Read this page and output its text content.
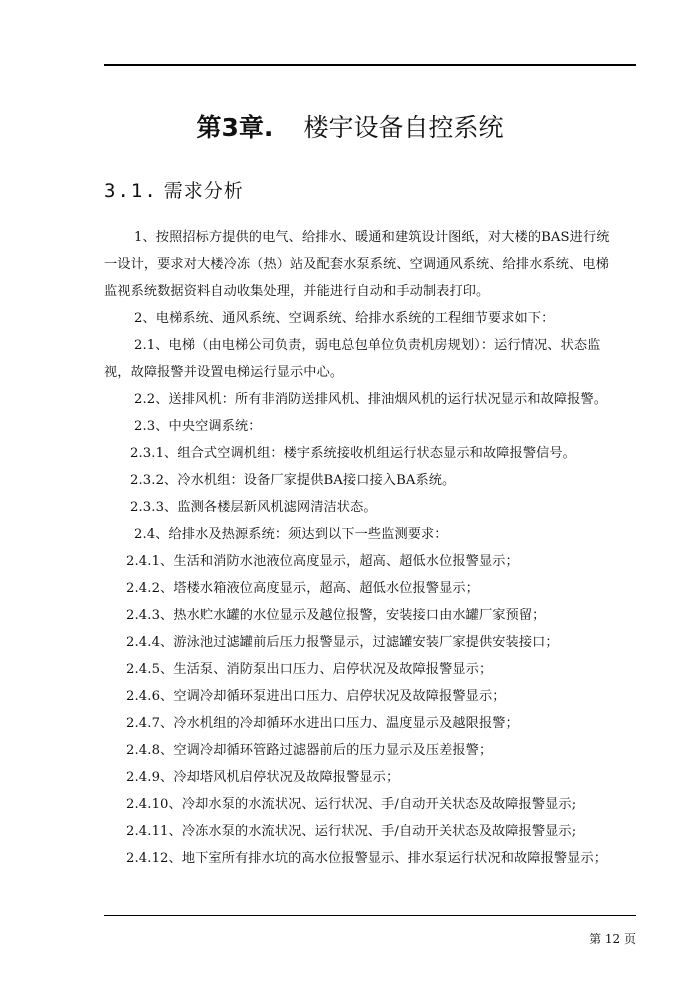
第3章. 楼宇设备自控系统
3.1. 需求分析
1、按照招标方提供的电气、给排水、暖通和建筑设计图纸，对大楼的BAS进行统
一设计，要求对大楼冷冻（热）站及配套水泵系统、空调通风系统、给排水系统、电梯
监视系统数据资料自动收集处理，并能进行自动和手动制表打印。
2、电梯系统、通风系统、空调系统、给排水系统的工程细节要求如下：
2.1、电梯（由电梯公司负责，弱电总包单位负责机房规划）：运行情况、状态监
视，故障报警并设置电梯运行显示中心。
2.2、送排风机：所有非消防送排风机、排油烟风机的运行状况显示和故障报警。
2.3、中央空调系统：
2.3.1、组合式空调机组：楼宇系统接收机组运行状态显示和故障报警信号。
2.3.2、冷水机组：设备厂家提供BA接口接入BA系统。
2.3.3、监测各楼层新风机滤网清洁状态。
2.4、给排水及热源系统：须达到以下一些监测要求：
2.4.1、生活和消防水池液位高度显示，超高、超低水位报警显示；
2.4.2、塔楼水箱液位高度显示，超高、超低水位报警显示；
2.4.3、热水贮水罐的水位显示及越位报警，安装接口由水罐厂家预留；
2.4.4、游泳池过滤罐前后压力报警显示，过滤罐安装厂家提供安装接口；
2.4.5、生活泵、消防泵出口压力、启停状况及故障报警显示；
2.4.6、空调冷却循环泵进出口压力、启停状况及故障报警显示；
2.4.7、冷水机组的冷却循环水进出口压力、温度显示及越限报警；
2.4.8、空调冷却循环管路过滤器前后的压力显示及压差报警；
2.4.9、冷却塔风机启停状况及故障报警显示；
2.4.10、冷却水泵的水流状况、运行状况、手/自动开关状态及故障报警显示;
2.4.11、冷冻水泵的水流状况、运行状况、手/自动开关状态及故障报警显示;
2.4.12、地下室所有排水坑的高水位报警显示、排水泵运行状况和故障报警显示；
第 12 页
